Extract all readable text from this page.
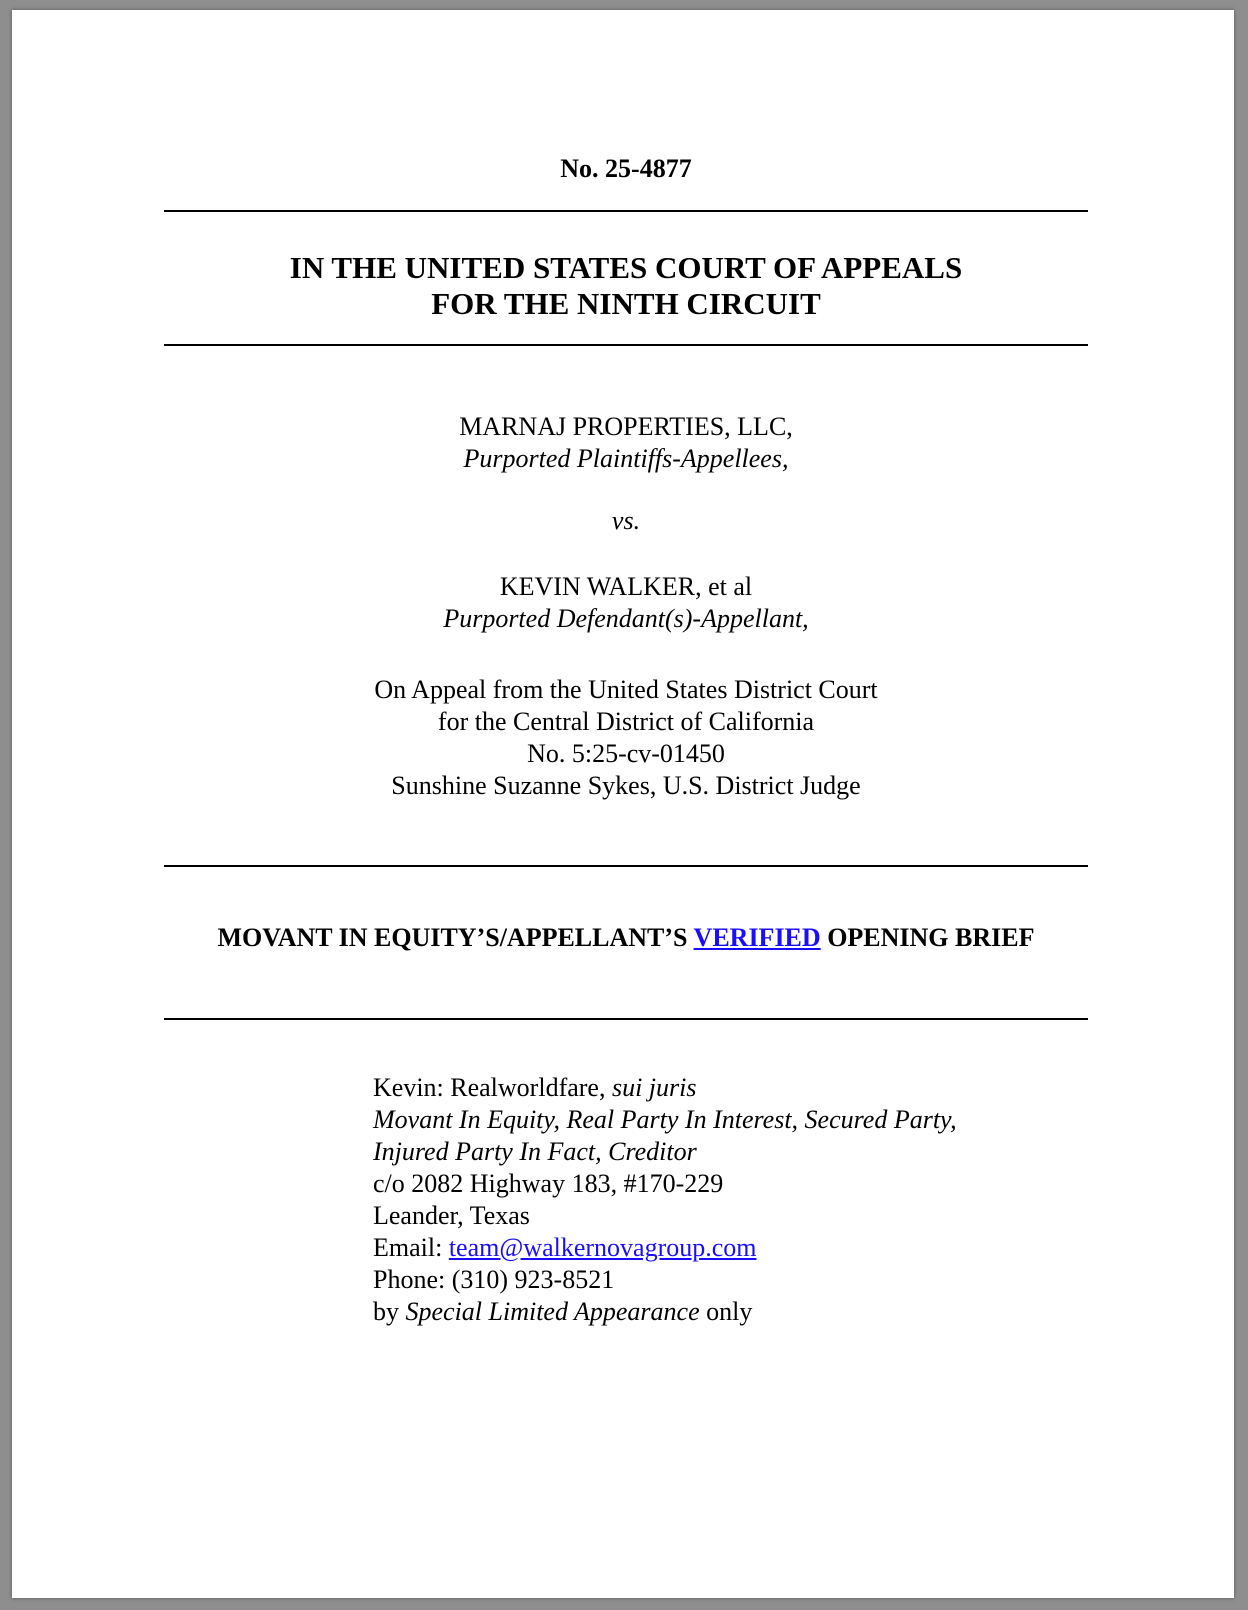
No. 25-4877
IN THE UNITED STATES COURT OF APPEALS
FOR THE NINTH CIRCUIT
MARNAJ PROPERTIES, LLC,
Purported Plaintiffs-Appellees,
vs.
KEVIN WALKER, et al
Purported Defendant(s)-Appellant,
On Appeal from the United States District Court
for the Central District of California
No. 5:25-cv-01450
Sunshine Suzanne Sykes, U.S. District Judge
MOVANT IN EQUITY’S/APPELLANT’S VERIFIED OPENING BRIEF
Kevin: Realworldfare, sui juris
Movant In Equity, Real Party In Interest, Secured Party,
Injured Party In Fact, Creditor
c/o 2082 Highway 183, #170-229
Leander, Texas
Email: team@walkernovagroup.com
Phone: (310) 923-8521
by Special Limited Appearance only
